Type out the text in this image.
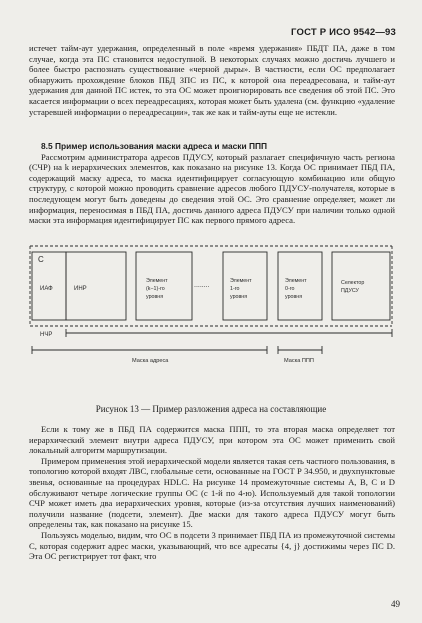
ГОСТ Р ИСО 9542—93

истечет тайм-аут удержания, определенный в поле «время удержания» ПБДТ ПА, даже в том случае, когда эта ПС становится недоступной. В некоторых случаях можно достичь лучшего и более быстро распознать существование «черной дыры». В частности, если ОС предполагает обнаружить прохождение блоков ПБД ЗПС из ПС, к которой она переадресована, и тайм-аут удержания для данной ПС истек, то эта ОС может проигнорировать все сведения об этой ПС. Это касается информации о всех переадресациях, которая может быть удалена (см. функцию «удаление устаревшей информации о переадресации», так же как и тайм-ауты еще не истекли.

8.5 Пример использования маски адреса и маски ППП

Рассмотрим администратора адресов ПДУСУ, который разлагает специфичную часть региона (СЧР) на k иерархических элементов, как показано на рисунке 13. Когда ОС принимает ПБД ПА, содержащий маску адреса, то маска идентифицирует согласующую комбинацию или общую структуру, с которой можно проводить сравнение адресов любого ПДУСУ-получателя, которые в последующем могут быть доведены до сведения этой ОС. Это сравнение определяет, может ли информация, переносимая в ПБД ПА, достичь данного адреса ПДУСУ при наличии только одной маски эта информация идентифицирует ПС как первого прямого адреса.

С
ИАФ	ИНР
Элемент (k−1)-го уровня
........
Элемент 1-го уровня
Элемент 0-го уровня
Селектор ПДУСУ
НЧР
Маска адреса	Маска ППП
Рисунок 13 — Пример разложения адреса на составляющие

Если к тому же в ПБД ПА содержится маска ППП, то эта вторая маска определяет тот иерархический элемент внутри адреса ПДУСУ, при котором эта ОС может применить свой локальный алгоритм маршрутизации.

Примером применения этой иерархической модели является такая сеть частного пользования, в топологию которой входят ЛВС, глобальные сети, основанные на ГОСТ Р 34.950, и двухпунктовые звенья, основанные на процедурах HDLC. На рисунке 14 промежуточные системы A, B, C и D обслуживают четыре логические группы ОС (с 1-й по 4-ю). Используемый для такой топологии СЧР может иметь два иерархических уровня, которые (из-за отсутствия лучших наименований) получили название (подсети, элемент). Две маски для такого адреса ПДУСУ могут быть определены так, как показано на рисунке 15.

Пользуясь моделью, видим, что ОС в подсети 3 принимает ПБД ПА из промежуточной системы С, которая содержит адрес маски, указывающий, что все адресаты {4, j} достижимы через ПС D. Эта ОС регистрирует тот факт, что

49
